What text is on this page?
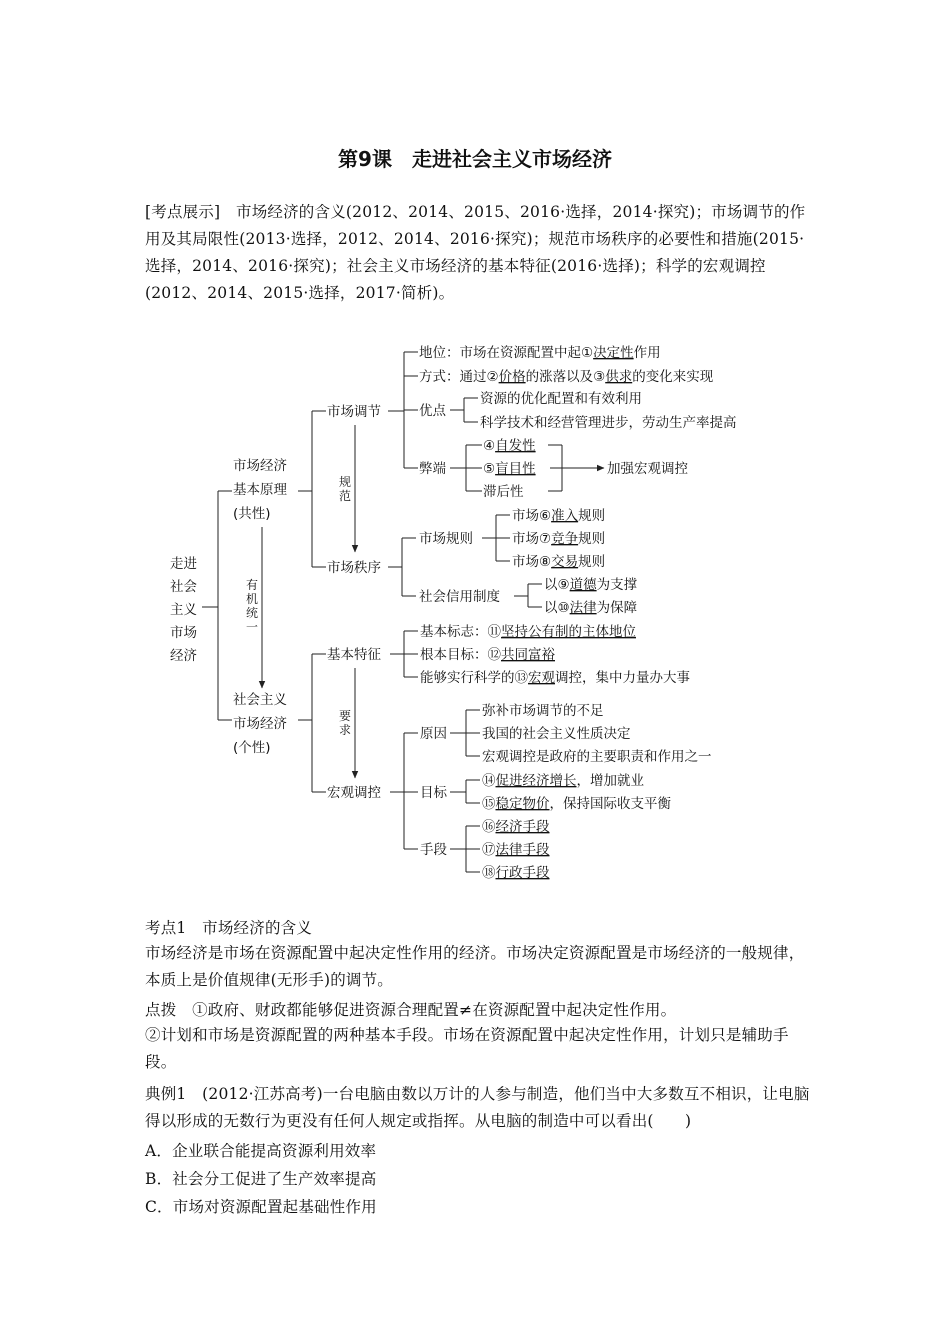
第9课　走进社会主义市场经济
[考点展示]　市场经济的含义(2012、2014、2015、2016·选择，2014·探究)；市场调节的作用及其局限性(2013·选择，2012、2014、2016·探究)；规范市场秩序的必要性和措施(2015·选择，2014、2016·探究)；社会主义市场经济的基本特征(2016·选择)；科学的宏观调控(2012、2014、2015·选择，2017·简析)。
走进
社会
主义
市场
经济
市场经济
基本原理
(共性)
社会主义
市场经济
(个性)
有
机
统
一
市场调节
市场秩序
规
范
地位：市场在资源配置中起①决定性作用
方式：通过②价格的涨落以及③供求的变化来实现
优点
资源的优化配置和有效利用
科学技术和经营管理进步，劳动生产率提高
弊端
④自发性
⑤盲目性
滞后性
加强宏观调控
市场规则
市场⑥准入规则
市场⑦竞争规则
市场⑧交易规则
社会信用制度
以⑨道德为支撑
以⑩法律为保障
基本特征
宏观调控
要
求
基本标志：⑪坚持公有制的主体地位
根本目标：⑫共同富裕
能够实行科学的⑬宏观调控，集中力量办大事
原因
弥补市场调节的不足
我国的社会主义性质决定
宏观调控是政府的主要职责和作用之一
目标
⑭促进经济增长，增加就业
⑮稳定物价，保持国际收支平衡
手段
⑯经济手段
⑰法律手段
⑱行政手段
考点1　市场经济的含义
市场经济是市场在资源配置中起决定性作用的经济。市场决定资源配置是市场经济的一般规律，本质上是价值规律(无形手)的调节。
点拨　①政府、财政都能够促进资源合理配置≠在资源配置中起决定性作用。
②计划和市场是资源配置的两种基本手段。市场在资源配置中起决定性作用，计划只是辅助手段。
典例1　(2012·江苏高考)一台电脑由数以万计的人参与制造，他们当中大多数互不相识，让电脑得以形成的无数行为更没有任何人规定或指挥。从电脑的制造中可以看出(　　)
A．企业联合能提高资源利用效率
B．社会分工促进了生产效率提高
C．市场对资源配置起基础性作用
